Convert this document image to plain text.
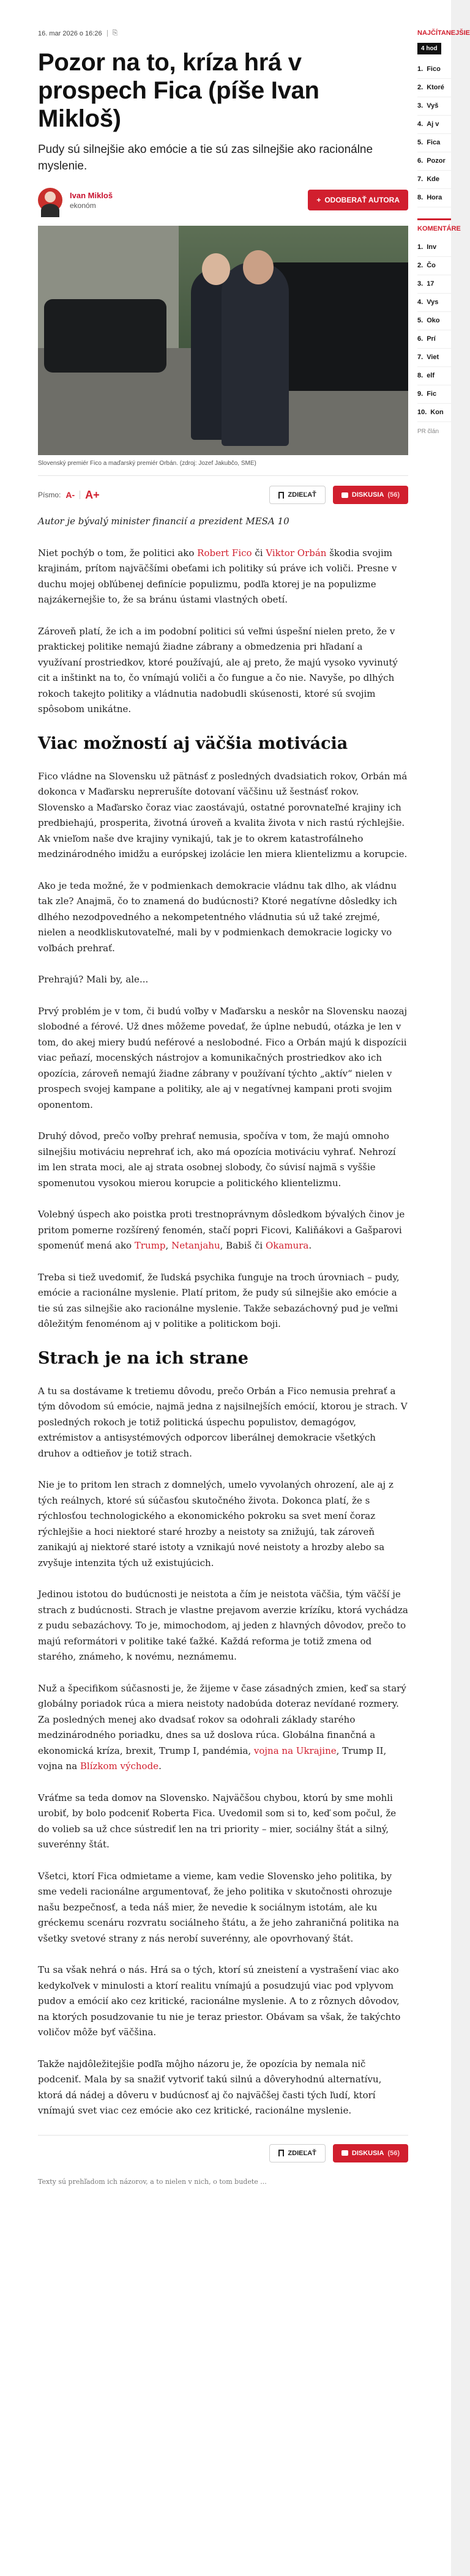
16. mar 2026 o 16:26 ⎘
Pozor na to, kríza hrá v prospech Fica (píše Ivan Mikloš)

Pudy sú silnejšie ako emócie a tie sú zas silnejšie ako racionálne myslenie.

Ivan Mikloš
ekonóm
+ ODOBERAŤ AUTORA
Slovenský premiér Fico a maďarský premiér Orbán. (zdroj: Jozef Jakubčo, SME)
Písmo: A- A+	ZDIEĽAŤ	DISKUSIA (56)

Autor je bývalý minister financií a prezident MESA 10

Niet pochýb o tom, že politici ako Robert Fico či Viktor Orbán škodia svojim krajinám, prítom najväčšími obeťami ich politiky sú práve ich voliči. Presne v duchu mojej obľúbenej definície populizmu, podľa ktorej je na populizme najzákernejšie to, že sa bránu ústami vlastných obetí.

Zároveň platí, že ich a im podobní politici sú veľmi úspešní nielen preto, že v praktickej politike nemajú žiadne zábrany a obmedzenia pri hľadaní a využívaní prostriedkov, ktoré používajú, ale aj preto, že majú vysoko vyvinutý cit a inštinkt na to, čo vnímajú voliči a čo fungue a čo nie. Navyše, po dlhých rokoch takejto politiky a vládnutia nadobudli skúsenosti, ktoré sú svojim spôsobom unikátne.

Viac možností aj väčšia motivácia

Fico vládne na Slovensku už pätnásť z posledných dvadsiatich rokov, Orbán má dokonca v Maďarsku neprerušíte dotovaní väčšinu už šestnásť rokov. Slovensko a Maďarsko čoraz viac zaostávajú, ostatné porovnateľné krajiny ich predbiehajú, prosperita, životná úroveň a kvalita života v nich rastú rýchlejšie. Ak vnieľom naše dve krajiny vynikajú, tak je to okrem katastrofálneho medzinárodného imidžu a európskej izolácie len miera klientelizmu a korupcie.

Ako je teda možné, že v podmienkach demokracie vládnu tak dlho, ak vládnu tak zle? Anajmä, čo to znamená do budúcnosti? Ktoré negatívne dôsledky ich dlhého nezodpovedného a nekompetentného vládnutia sú už také zrejmé, nielen a neodkliskutovateľné, mali by v podmienkach demokracie logicky vo voľbách prehrať.

Prehrajú? Mali by, ale...

Prvý problém je v tom, či budú voľby v Maďarsku a neskôr na Slovensku naozaj slobodné a férové. Už dnes môžeme povedať, že úplne nebudú, otázka je len v tom, do akej miery budú neférové a neslobodné. Fico a Orbán majú k dispozícii viac peňazí, mocenských nástrojov a komunikačných prostriedkov ako ich opozícia, zároveň nemajú žiadne zábrany v používaní týchto „aktív“ nielen v prospech svojej kampane a politiky, ale aj v negatívnej kampani proti svojim oponentom.

Druhý dôvod, prečo voľby prehrať nemusia, spočíva v tom, že majú omnoho silnejšiu motiváciu neprehrať ich, ako má opozícia motiváciu vyhrať. Nehrozí im len strata moci, ale aj strata osobnej slobody, čo súvisí najmä s vyššie spomenutou vysokou mierou korupcie a politického klientelizmu.

Volebný úspech ako poistka proti trestnoprávnym dôsledkom bývalých činov je pritom pomerne rozšírený fenomén, stačí popri Ficovi, Kaliňákovi a Gašparovi spomenúť mená ako Trump, Netanjahu, Babiš či Okamura.

Treba si tiež uvedomiť, že ľudská psychika funguje na troch úrovniach – pudy, emócie a racionálne myslenie. Platí pritom, že pudy sú silnejšie ako emócie a tie sú zas silnejšie ako racionálne myslenie. Takže sebazáchovný pud je veľmi dôležitým fenoménom aj v politike a politickom boji.

Strach je na ich strane

A tu sa dostávame k tretiemu dôvodu, prečo Orbán a Fico nemusia prehrať a tým dôvodom sú emócie, najmä jedna z najsilnejších emócií, ktorou je strach. V posledných rokoch je totiž politická úspechu populistov, demagógov, extrémistov a antisystémových odporcov liberálnej demokracie všetkých druhov a odtieňov je totiž strach.

Nie je to pritom len strach z domnelých, umelo vyvolaných ohrození, ale aj z tých reálnych, ktoré sú súčasťou skutočného života. Dokonca platí, že s rýchlosťou technologického a ekonomického pokroku sa svet mení čoraz rýchlejšie a hoci niektoré staré hrozby a neistoty sa znižujú, tak zároveň zanikajú aj niektoré staré istoty a vznikajú nové neistoty a hrozby alebo sa zvyšuje intenzita tých už existujúcich.

Jedinou istotou do budúcnosti je neistota a čím je neistota väčšia, tým väčší je strach z budúcnosti. Strach je vlastne prejavom averzie krízíku, ktorá vychádza z pudu sebazáchovy. To je, mimochodom, aj jeden z hlavných dôvodov, prečo to majú reformátori v politike také ťažké. Každá reforma je totiž zmena od starého, známeho, k novému, neznámemu.

Nuž a špecifikom súčasnosti je, že žijeme v čase zásadných zmien, keď sa starý globálny poriadok rúca a miera neistoty nadobúda doteraz nevídané rozmery. Za posledných menej ako dvadsať rokov sa odohrali základy starého medzinárodného poriadku, dnes sa už doslova rúca. Globálna finančná a ekonomická kríza, brexit, Trump I, pandémia, vojna na Ukrajine, Trump II, vojna na Blízkom východe.

Vráťme sa teda domov na Slovensko. Najväčšou chybou, ktorú by sme mohli urobiť, by bolo podceniť Roberta Fica. Uvedomil som si to, keď som počul, že do volieb sa už chce sústrediť len na tri priority – mier, sociálny štát a silný, suverénny štát.

Všetci, ktorí Fica odmietame a vieme, kam vedie Slovensko jeho politika, by sme vedeli racionálne argumentovať, že jeho politika v skutočnosti ohrozuje našu bezpečnosť, a teda náš mier, že nevedie k sociálnym istotám, ale ku gréckemu scenáru rozvratu sociálneho štátu, a že jeho zahraničná politika na všetky svetové strany z nás nerobí suverénny, ale opovrhovaný štát.

Tu sa však nehrá o nás. Hrá sa o tých, ktorí sú zneistení a vystrašení viac ako kedykoľvek v minulosti a ktorí realitu vnímajú a posudzujú viac pod vplyvom pudov a emócií ako cez kritické, racionálne myslenie. A to z rôznych dôvodov, na ktorých posudzovanie tu nie je teraz priestor. Obávam sa však, že takýchto voličov môže byť väčšina.

Takže najdôležitejšie podľa môjho názoru je, že opozícia by nemala nič podceniť. Mala by sa snažiť vytvoriť takú silnú a dôveryhodnú alternatívu, ktorá dá nádej a dôveru v budúcnosť aj čo najväčšej časti tých ľudí, ktorí vnímajú svet viac cez emócie ako cez kritické, racionálne myslenie.

ZDIEĽAŤ	DISKUSIA (56)
Texty sú prehľadom ich názorov, a to nielen v nich, o tom budete ...
NAJČÍTANEJŠIE
4 hod
1. Fico
2. Ktoré
3. Vyš
4. Aj v
5. Fica
6. Pozor
7. Kde
8. Hora
KOMENTÁRE
1. Inv
2. Čo
3. 17
4. Vys
5. Oko
6. Prí
7. Viet
8. elf
9. Fic
10. Kon
PR člán
